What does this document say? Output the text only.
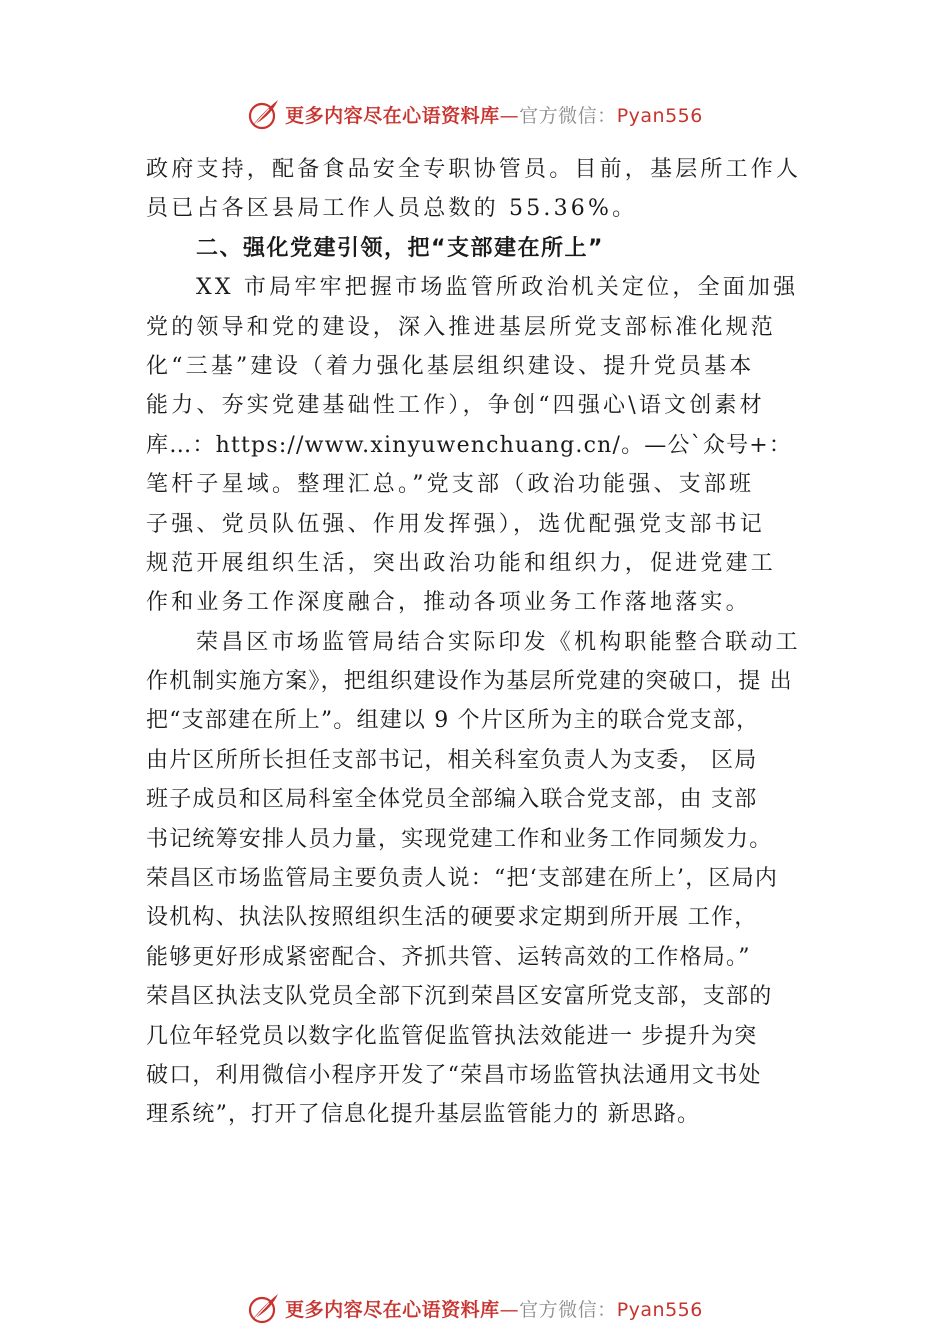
更多内容尽在心语资料库—官方微信：Pyan556
政府支持，配备食品安全专职协管员。目前，基层所工作人
员已占各区县局工作人员总数的 55.36%。
二、强化党建引领，把“支部建在所上”
XX 市局牢牢把握市场监管所政治机关定位，全面加强
党的领导和党的建设，深入推进基层所党支部标准化规范
化“三基”建设（着力强化基层组织建设、提升党员基本
能力、夯实党建基础性工作），争创“四强心\语文创素材
库…：https://www.xinyuwenchuang.cn/。—公`众号+：
笔杆子星域。整理汇总。”党支部（政治功能强、支部班
子强、党员队伍强、作用发挥强），选优配强党支部书记
规范开展组织生活，突出政治功能和组织力，促进党建工
作和业务工作深度融合，推动各项业务工作落地落实。
荣昌区市场监管局结合实际印发《机构职能整合联动工
作机制实施方案》，把组织建设作为基层所党建的突破口，提 出
把“支部建在所上”。组建以 9 个片区所为主的联合党支部，
由片区所所长担任支部书记，相关科室负责人为支委， 区局
班子成员和区局科室全体党员全部编入联合党支部，由 支部
书记统筹安排人员力量，实现党建工作和业务工作同频发力。
荣昌区市场监管局主要负责人说：“把‘支部建在所上’，区局内
设机构、执法队按照组织生活的硬要求定期到所开展 工作，
能够更好形成紧密配合、齐抓共管、运转高效的工作格局。”
荣昌区执法支队党员全部下沉到荣昌区安富所党支部，支部的
几位年轻党员以数字化监管促监管执法效能进一 步提升为突
破口，利用微信小程序开发了“荣昌市场监管执法通用文书处
理系统”，打开了信息化提升基层监管能力的 新思路。
更多内容尽在心语资料库—官方微信：Pyan556
